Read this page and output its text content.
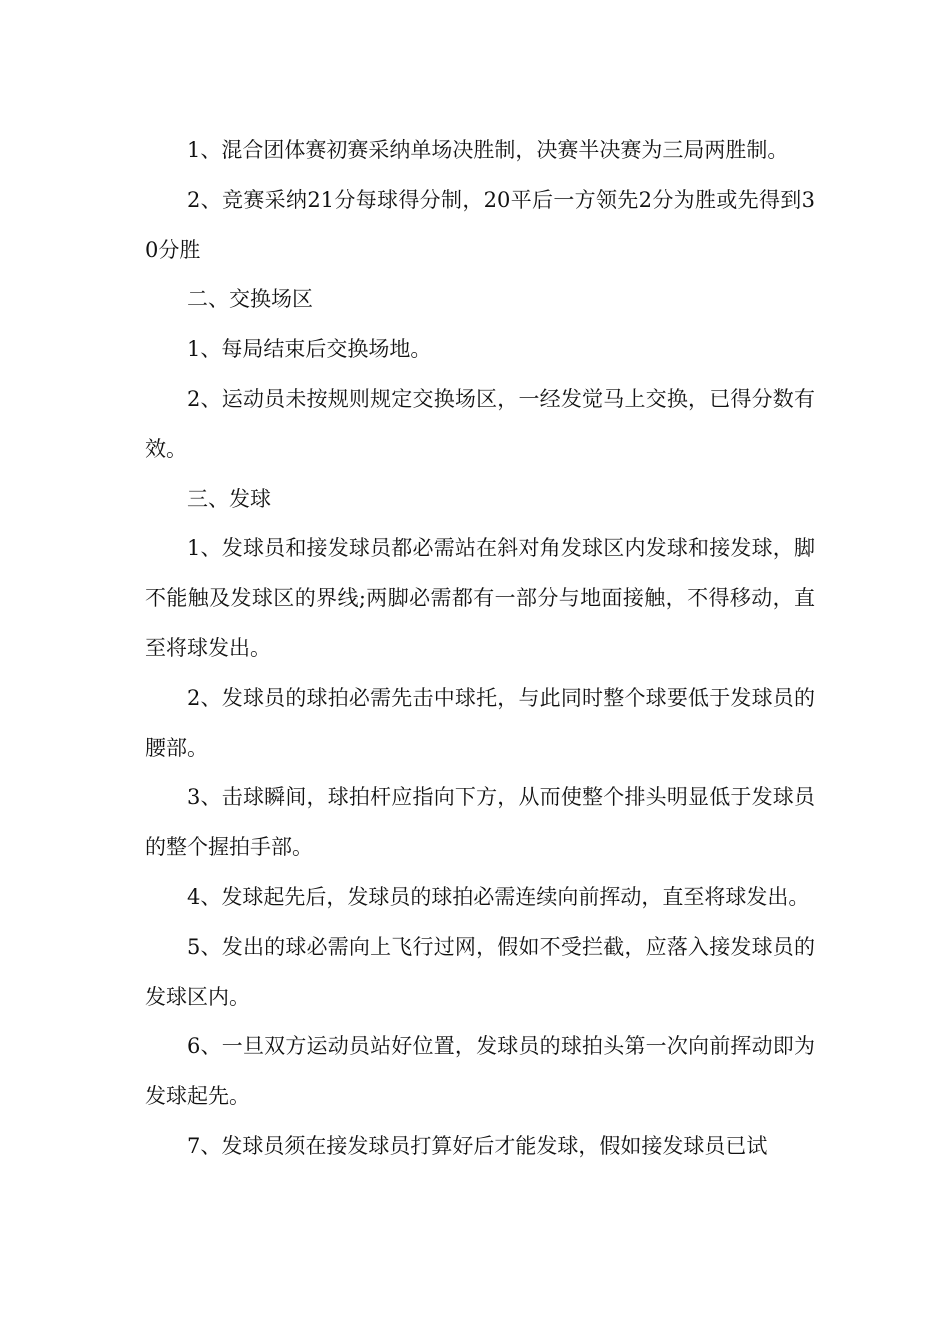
1、混合团体赛初赛采纳单场决胜制，决赛半决赛为三局两胜制。

2、竞赛采纳21分每球得分制，20平后一方领先2分为胜或先得到30分胜

二、交换场区

1、每局结束后交换场地。

2、运动员未按规则规定交换场区，一经发觉马上交换，已得分数有效。

三、发球

1、发球员和接发球员都必需站在斜对角发球区内发球和接发球，脚不能触及发球区的界线;两脚必需都有一部分与地面接触，不得移动，直至将球发出。

2、发球员的球拍必需先击中球托，与此同时整个球要低于发球员的腰部。

3、击球瞬间，球拍杆应指向下方，从而使整个排头明显低于发球员的整个握拍手部。

4、发球起先后，发球员的球拍必需连续向前挥动，直至将球发出。

5、发出的球必需向上飞行过网，假如不受拦截，应落入接发球员的发球区内。

6、一旦双方运动员站好位置，发球员的球拍头第一次向前挥动即为发球起先。

7、发球员须在接发球员打算好后才能发球，假如接发球员已试
